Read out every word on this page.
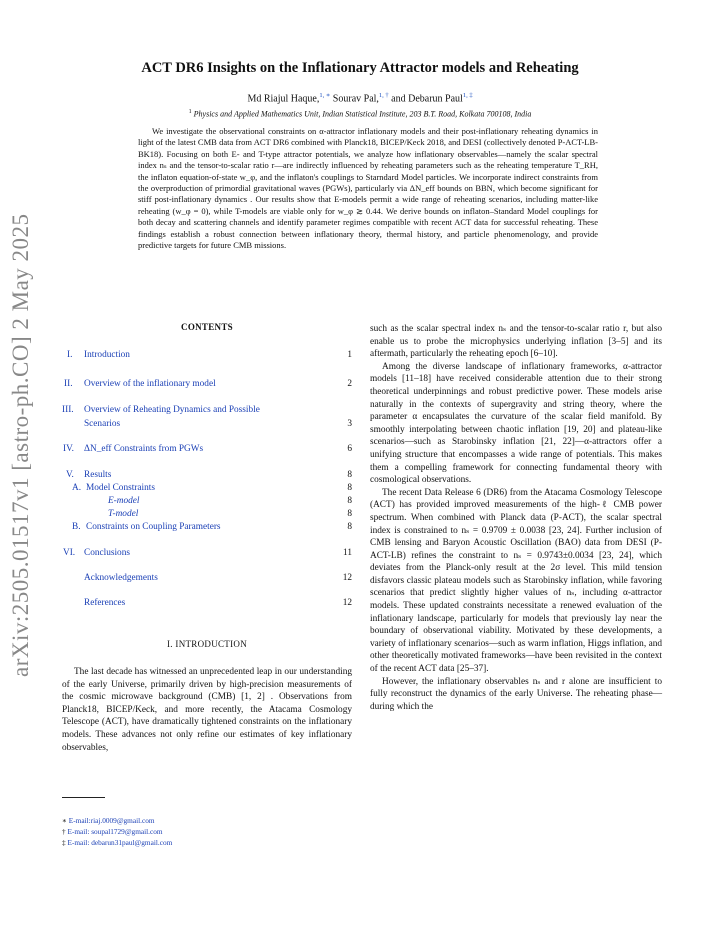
arXiv:2505.01517v1 [astro-ph.CO] 2 May 2025
ACT DR6 Insights on the Inflationary Attractor models and Reheating
Md Riajul Haque,$^{1, ∗}$ Sourav Pal,$^{1, \dagger}$ and Debarun Paul$^{1, \ddagger}$
$^1$ Physics and Applied Mathematics Unit, Indian Statistical Institute, 203 B.T. Road, Kolkata 700108, India

We investigate the observational constraints on α-attractor inflationary models and their post-inflationary reheating dynamics in light of the latest CMB data from ACT DR6 combined with Planck18, BICEP/Keck 2018, and DESI (collectively denoted P-ACT-LB-BK18). Focusing on both E- and T-type attractor potentials, we analyze how inflationary observables—namely the scalar spectral index nₛ and the tensor-to-scalar ratio r—are indirectly influenced by reheating parameters such as the reheating temperature T_RH, the inflaton equation-of-state w_φ, and the inflaton's couplings to Starndard Model particles. We incorporate indirect constraints from the overproduction of primordial gravitational waves (PGWs), particularly via ΔN_eff bounds on BBN, which become significant for stiff post-inflationary dynamics . Our results show that E-models permit a wide range of reheating scenarios, including matter-like reheating (w_φ = 0), while T-models are viable only for w_φ ≳ 0.44. We derive bounds on inflaton–Standard Model couplings for both decay and scattering channels and identify parameter regimes compatible with recent ACT data for successful reheating. These findings establish a robust connection between inflationary theory, thermal history, and particle phenomenology, and provide predictive targets for future CMB missions.

CONTENTS
I. Introduction	1
II. Overview of the inflationary model	2
III. Overview of Reheating Dynamics and Possible
Scenarios	3
IV. ΔN_eff Constraints from PGWs	6
V. Results	8
A. Model Constraints	8
E-model	8
T-model	8
B. Constraints on Coupling Parameters	8
VI. Conclusions	11
Acknowledgements	12
References	12
I. INTRODUCTION

The last decade has witnessed an unprecedented leap in our understanding of the early Universe, primarily driven by high-precision measurements of the cosmic microwave background (CMB) [1, 2] . Observations from Planck18, BICEP/Keck, and more recently, the Atacama Cosmology Telescope (ACT), have dramatically tightened constraints on the inflationary models. These advances not only refine our estimates of key inflationary observables,

∗ E-mail:riaj.0009@gmail.com
† E-mail: soupal1729@gmail.com
‡ E-mail: debarun31paul@gmail.com

such as the scalar spectral index nₛ and the tensor-to-scalar ratio r, but also enable us to probe the microphysics underlying inflation [3–5] and its aftermath, particularly the reheating epoch [6–10].

Among the diverse landscape of inflationary frameworks, α-attractor models [11–18] have received considerable attention due to their strong theoretical underpinnings and robust predictive power. These models arise naturally in the contexts of supergravity and string theory, where the parameter α encapsulates the curvature of the scalar field manifold. By smoothly interpolating between chaotic inflation [19, 20] and plateau-like scenarios—such as Starobinsky inflation [21, 22]—α-attractors offer a unifying structure that encompasses a wide range of potentials. This makes them a compelling framework for connecting fundamental theory with cosmological observations.

The recent Data Release 6 (DR6) from the Atacama Cosmology Telescope (ACT) has provided improved measurements of the high-ℓ CMB power spectrum. When combined with Planck data (P-ACT), the scalar spectral index is constrained to nₛ = 0.9709 ± 0.0038 [23, 24]. Further inclusion of CMB lensing and Baryon Acoustic Oscillation (BAO) data from DESI (P-ACT-LB) refines the constraint to nₛ = 0.9743±0.0034 [23, 24], which deviates from the Planck-only result at the 2σ level. This mild tension disfavors classic plateau models such as Starobinsky inflation, while favoring scenarios that predict slightly higher values of nₛ, including α-attractor models. These updated constraints necessitate a renewed evaluation of the inflationary landscape, particularly for models that previously lay near the boundary of observational viability. Motivated by these developments, a variety of inflationary scenarios—such as warm inflation, Higgs inflation, and other theoretically motivated frameworks—have been revisited in the context of the recent ACT data [25–37].

However, the inflationary observables nₛ and r alone are insufficient to fully reconstruct the dynamics of the early Universe. The reheating phase—during which the
